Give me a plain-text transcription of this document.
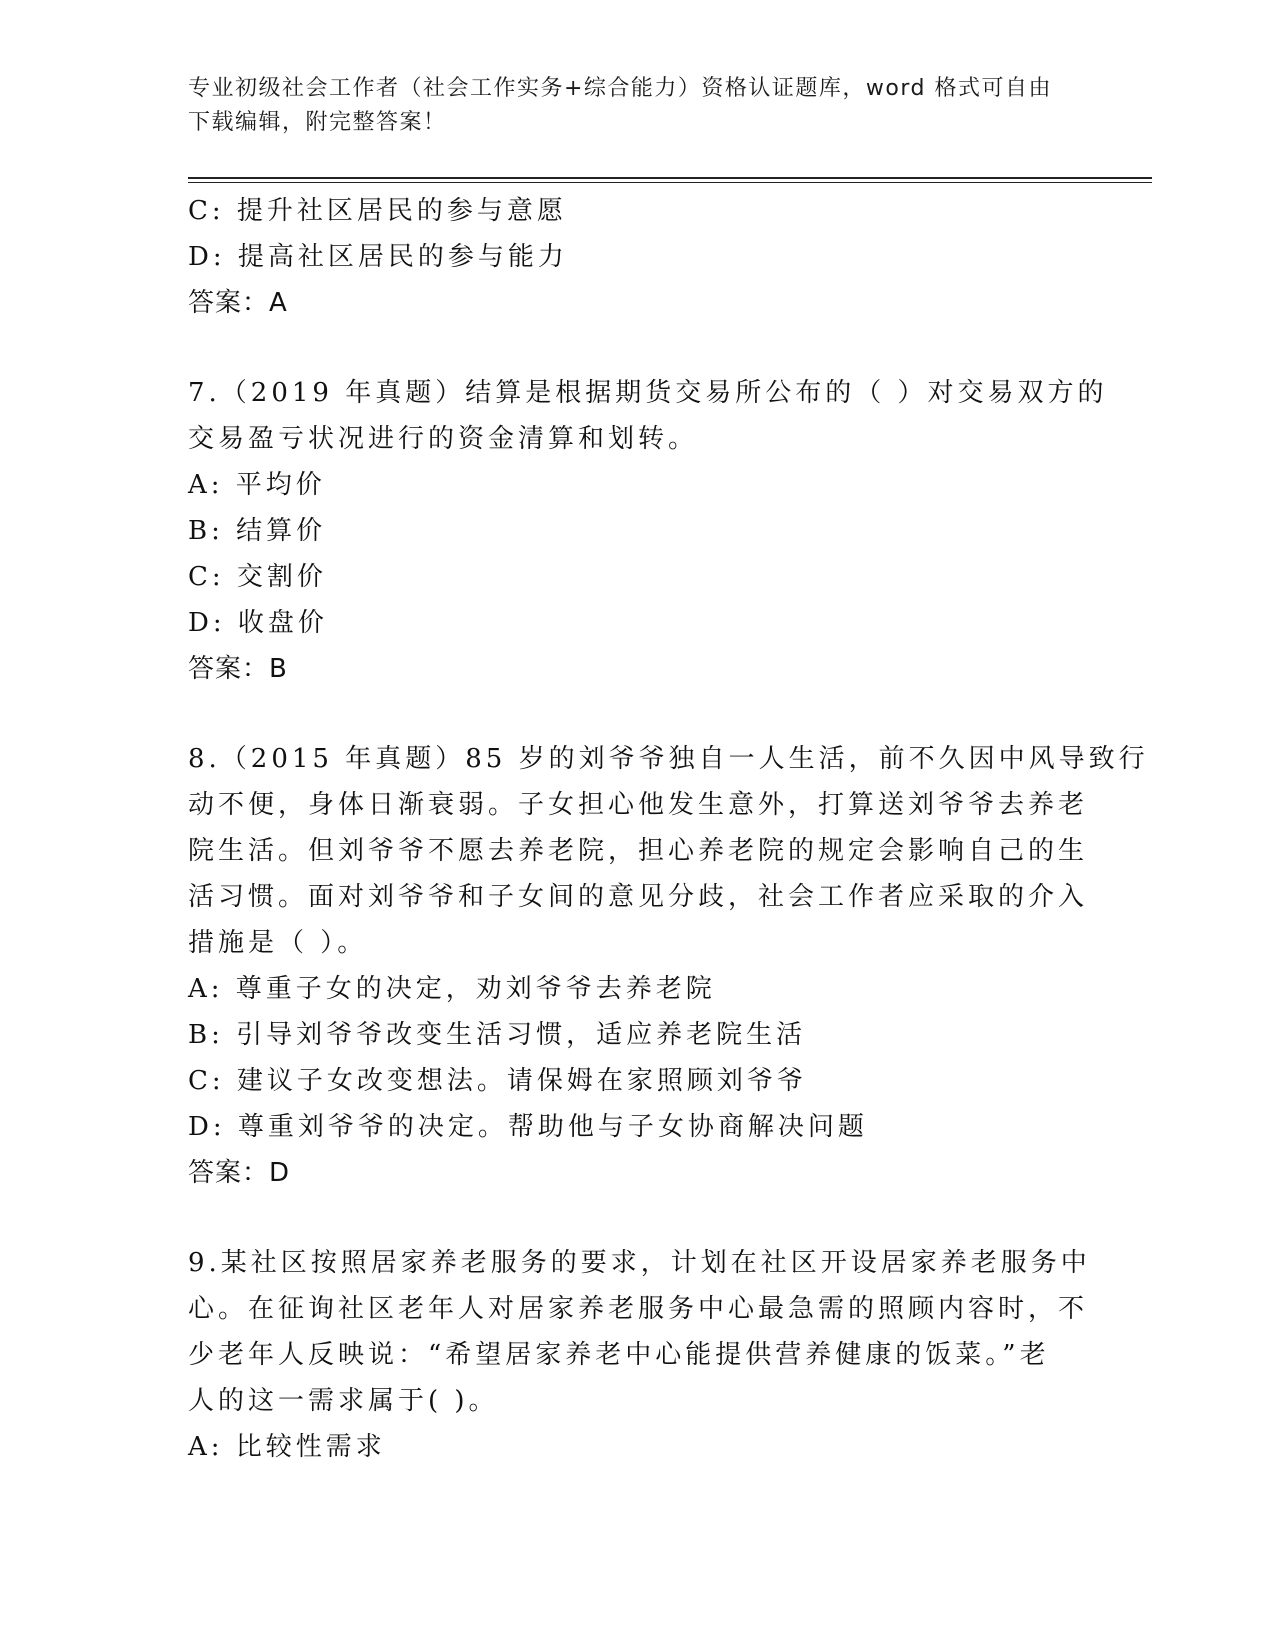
专业初级社会工作者（社会工作实务+综合能力）资格认证题库，word 格式可自由
下载编辑，附完整答案！
C: 提升社区居民的参与意愿
D: 提高社区居民的参与能力
答案：A
7.（2019 年真题）结算是根据期货交易所公布的（ ）对交易双方的
交易盈亏状况进行的资金清算和划转。
A: 平均价
B: 结算价
C: 交割价
D: 收盘价
答案：B
8.（2015 年真题）85 岁的刘爷爷独自一人生活，前不久因中风导致行
动不便，身体日渐衰弱。子女担心他发生意外，打算送刘爷爷去养老
院生活。但刘爷爷不愿去养老院，担心养老院的规定会影响自己的生
活习惯。面对刘爷爷和子女间的意见分歧，社会工作者应采取的介入
措施是（ ）。
A: 尊重子女的决定，劝刘爷爷去养老院
B: 引导刘爷爷改变生活习惯，适应养老院生活
C: 建议子女改变想法。请保姆在家照顾刘爷爷
D: 尊重刘爷爷的决定。帮助他与子女协商解决问题
答案：D
9.某社区按照居家养老服务的要求，计划在社区开设居家养老服务中
心。在征询社区老年人对居家养老服务中心最急需的照顾内容时，不
少老年人反映说：“希望居家养老中心能提供营养健康的饭菜。”老
人的这一需求属于( )。
A: 比较性需求
